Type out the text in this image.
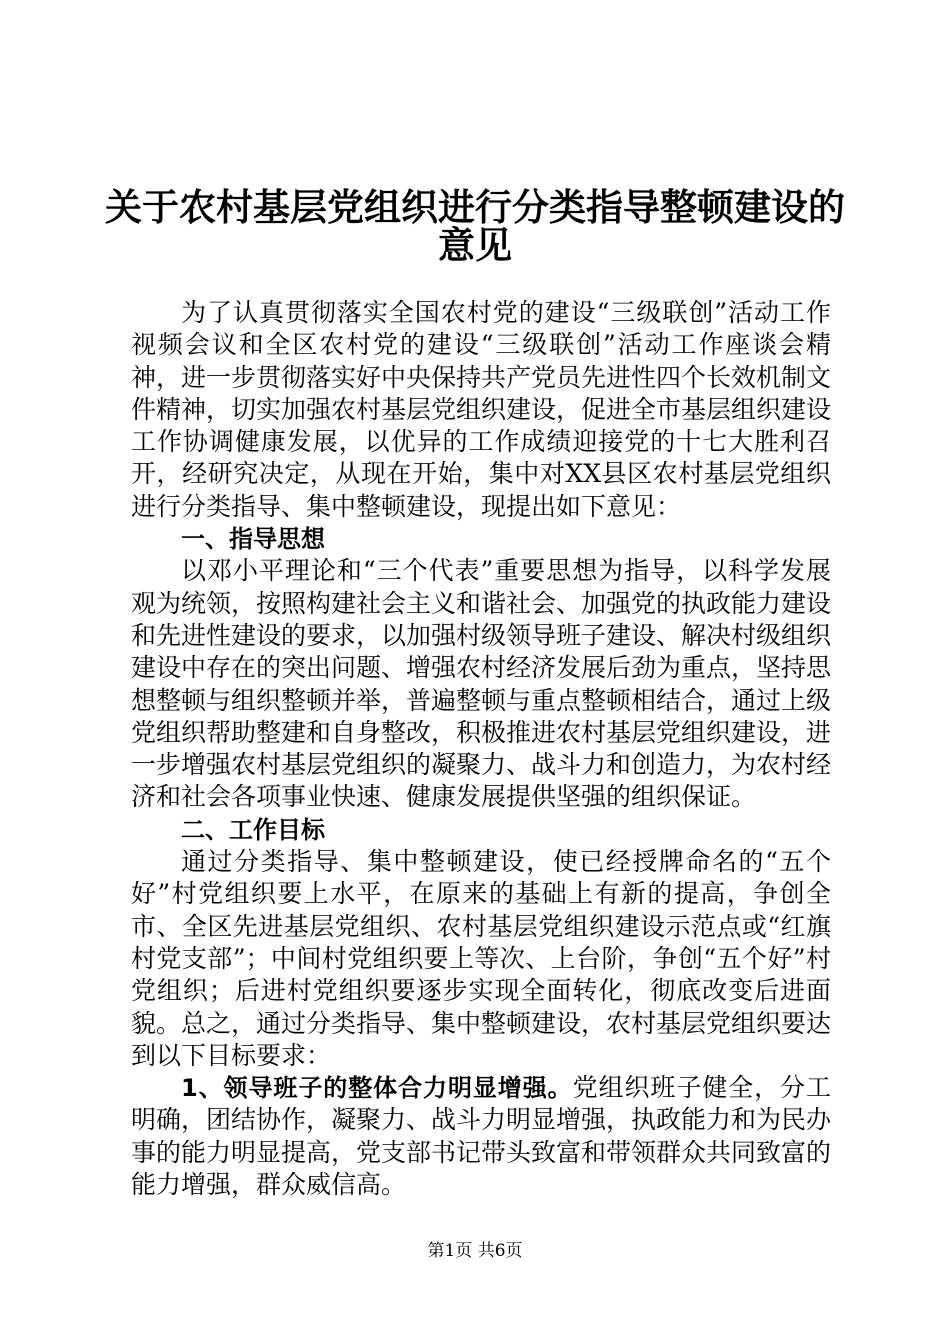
关于农村基层党组织进行分类指导整顿建设的
意见

为了认真贯彻落实全国农村党的建设“三级联创”活动工作视频会议和全区农村党的建设“三级联创”活动工作座谈会精神，进一步贯彻落实好中央保持共产党员先进性四个长效机制文件精神，切实加强农村基层党组织建设，促进全市基层组织建设工作协调健康发展，以优异的工作成绩迎接党的十七大胜利召开，经研究决定，从现在开始，集中对XX县区农村基层党组织进行分类指导、集中整顿建设，现提出如下意见：

一、指导思想

以邓小平理论和“三个代表”重要思想为指导，以科学发展观为统领，按照构建社会主义和谐社会、加强党的执政能力建设和先进性建设的要求，以加强村级领导班子建设、解决村级组织建设中存在的突出问题、增强农村经济发展后劲为重点，坚持思想整顿与组织整顿并举，普遍整顿与重点整顿相结合，通过上级党组织帮助整建和自身整改，积极推进农村基层党组织建设，进一步增强农村基层党组织的凝聚力、战斗力和创造力，为农村经济和社会各项事业快速、健康发展提供坚强的组织保证。

二、工作目标

通过分类指导、集中整顿建设，使已经授牌命名的“五个好”村党组织要上水平，在原来的基础上有新的提高，争创全市、全区先进基层党组织、农村基层党组织建设示范点或“红旗村党支部”；中间村党组织要上等次、上台阶，争创“五个好”村党组织；后进村党组织要逐步实现全面转化，彻底改变后进面貌。总之，通过分类指导、集中整顿建设，农村基层党组织要达到以下目标要求：

1、领导班子的整体合力明显增强。党组织班子健全，分工明确，团结协作，凝聚力、战斗力明显增强，执政能力和为民办事的能力明显提高，党支部书记带头致富和带领群众共同致富的能力增强，群众威信高。

第1页 共6页
